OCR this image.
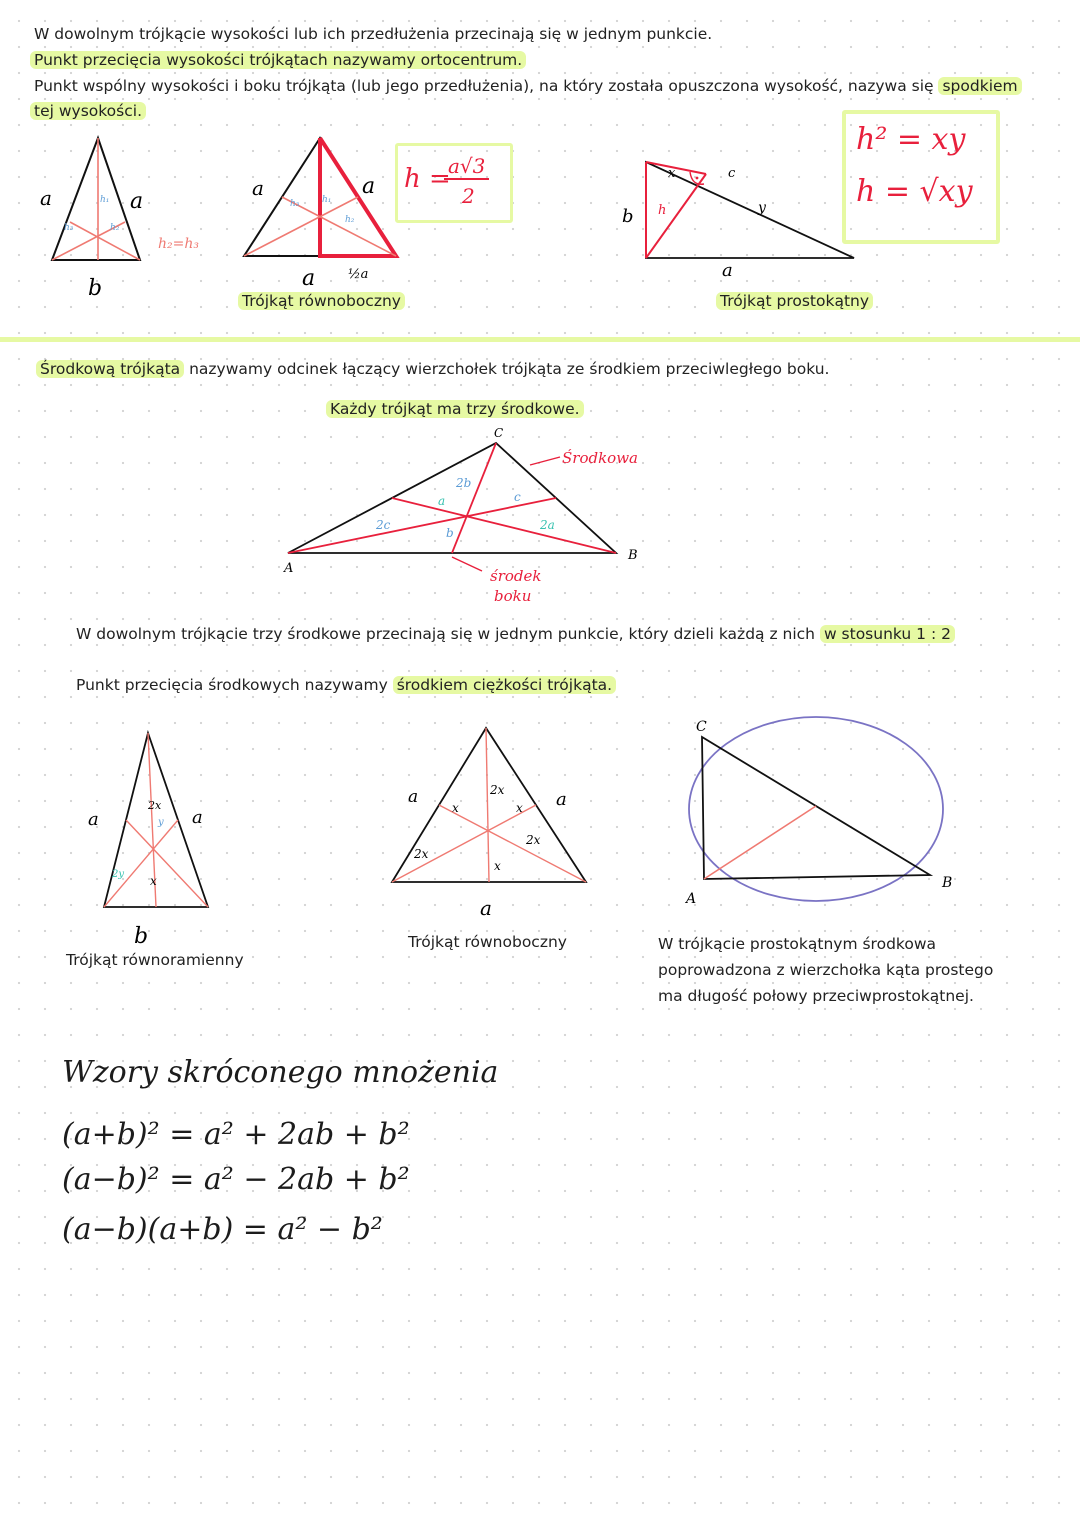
W dowolnym trójkącie wysokości lub ich przedłużenia przecinają się w jednym punkcie.
Punkt przecięcia wysokości trójkątach nazywamy ortocentrum.
Punkt wspólny wysokości i boku trójkąta (lub jego przedłużenia), na który została opuszczona wysokość, nazywa się spodkiem
tej wysokości.
a	a
b
h₁
h₂
h₃
h₂=h₃
a	a
a	½a
h₁
h₂
h₃
Trójkąt równoboczny
h =
a√3
2
x	c
y
b h
a
Trójkąt prostokątny
h² = xy
h = √xy
Środkową trójkąta nazywamy odcinek łączący wierzchołek trójkąta ze środkiem przeciwległego boku.
Każdy trójkąt ma trzy środkowe.
A
B
C
Środkowa
środek
boku
2b
a
b
c
2c	2a
W dowolnym trójkącie trzy środkowe przecinają się w jednym punkcie, który dzieli każdą z nich w stosunku 1 : 2
Punkt przecięcia środkowych nazywamy środkiem ciężkości trójkąta.
a	a
b
2x
y
2y x
Trójkąt równoramienny
a	a
a
2x
2x
2x
x	x
x
Trójkąt równoboczny
C
A
B
W trójkącie prostokątnym środkowa
poprowadzona z wierzchołka kąta prostego
ma długość połowy przeciwprostokątnej.
Wzory skróconego mnożenia
(a+b)² = a² + 2ab + b²
(a−b)² = a² − 2ab + b²
(a−b)(a+b) = a² − b²
